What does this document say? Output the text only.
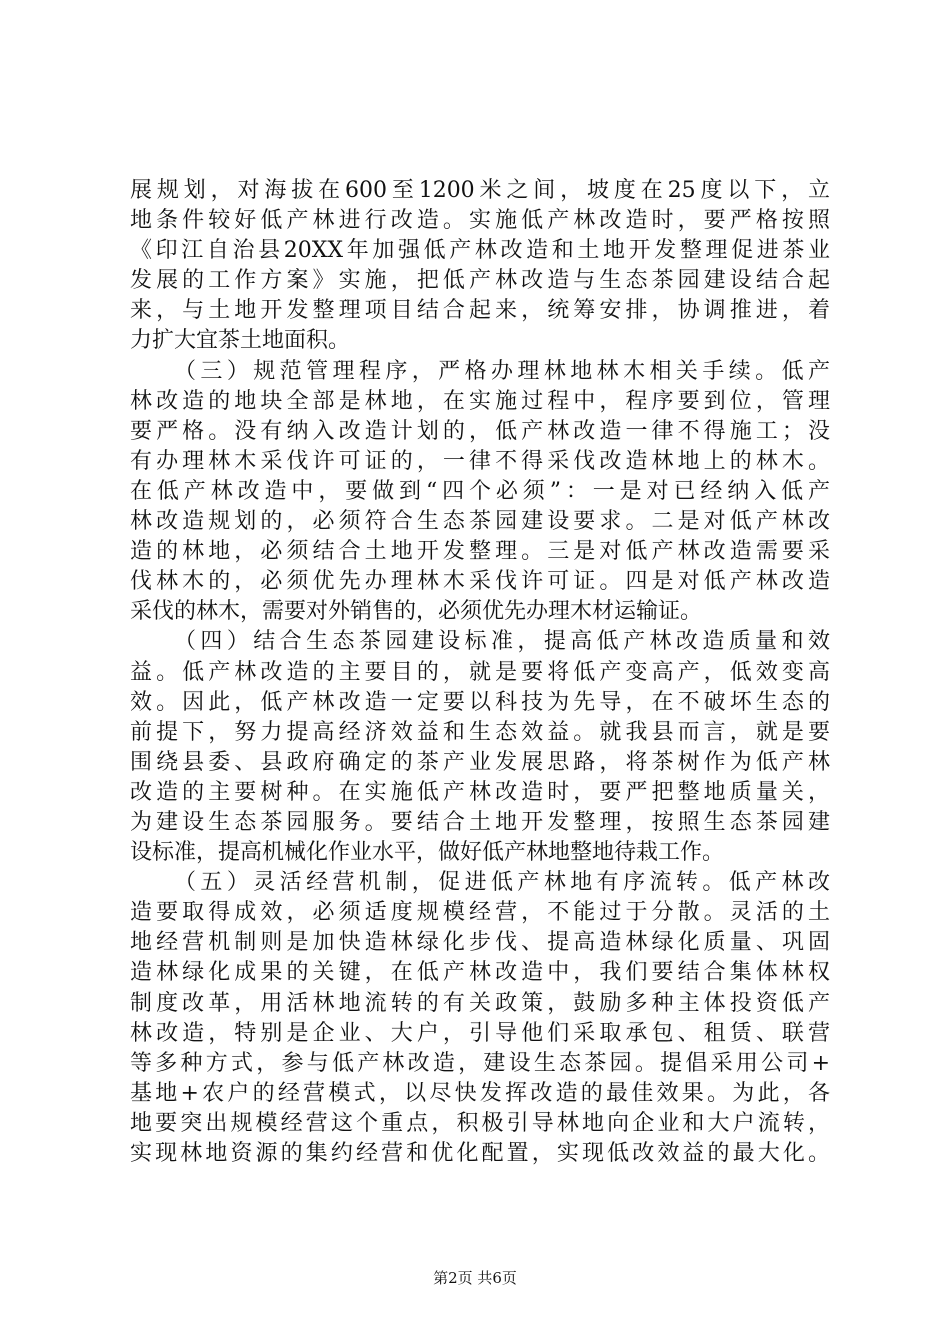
展规划，对海拔在600至1200米之间，坡度在25度以下，立
地条件较好低产林进行改造。实施低产林改造时，要严格按照
《印江自治县20XX年加强低产林改造和土地开发整理促进茶业
发展的工作方案》实施，把低产林改造与生态茶园建设结合起
来，与土地开发整理项目结合起来，统筹安排，协调推进，着
力扩大宜茶土地面积。
（三）规范管理程序，严格办理林地林木相关手续。低产
林改造的地块全部是林地，在实施过程中，程序要到位，管理
要严格。没有纳入改造计划的，低产林改造一律不得施工；没
有办理林木采伐许可证的，一律不得采伐改造林地上的林木。
在低产林改造中，要做到“四个必须”：一是对已经纳入低产
林改造规划的，必须符合生态茶园建设要求。二是对低产林改
造的林地，必须结合土地开发整理。三是对低产林改造需要采
伐林木的，必须优先办理林木采伐许可证。四是对低产林改造
采伐的林木，需要对外销售的，必须优先办理木材运输证。
（四）结合生态茶园建设标准，提高低产林改造质量和效
益。低产林改造的主要目的，就是要将低产变高产，低效变高
效。因此，低产林改造一定要以科技为先导，在不破坏生态的
前提下，努力提高经济效益和生态效益。就我县而言，就是要
围绕县委、县政府确定的茶产业发展思路，将茶树作为低产林
改造的主要树种。在实施低产林改造时，要严把整地质量关，
为建设生态茶园服务。要结合土地开发整理，按照生态茶园建
设标准，提高机械化作业水平，做好低产林地整地待栽工作。
（五）灵活经营机制，促进低产林地有序流转。低产林改
造要取得成效，必须适度规模经营，不能过于分散。灵活的土
地经营机制则是加快造林绿化步伐、提高造林绿化质量、巩固
造林绿化成果的关键，在低产林改造中，我们要结合集体林权
制度改革，用活林地流转的有关政策，鼓励多种主体投资低产
林改造，特别是企业、大户，引导他们采取承包、租赁、联营
等多种方式，参与低产林改造，建设生态茶园。提倡采用公司+
基地+农户的经营模式，以尽快发挥改造的最佳效果。为此，各
地要突出规模经营这个重点，积极引导林地向企业和大户流转，
实现林地资源的集约经营和优化配置，实现低改效益的最大化。
第2页 共6页
